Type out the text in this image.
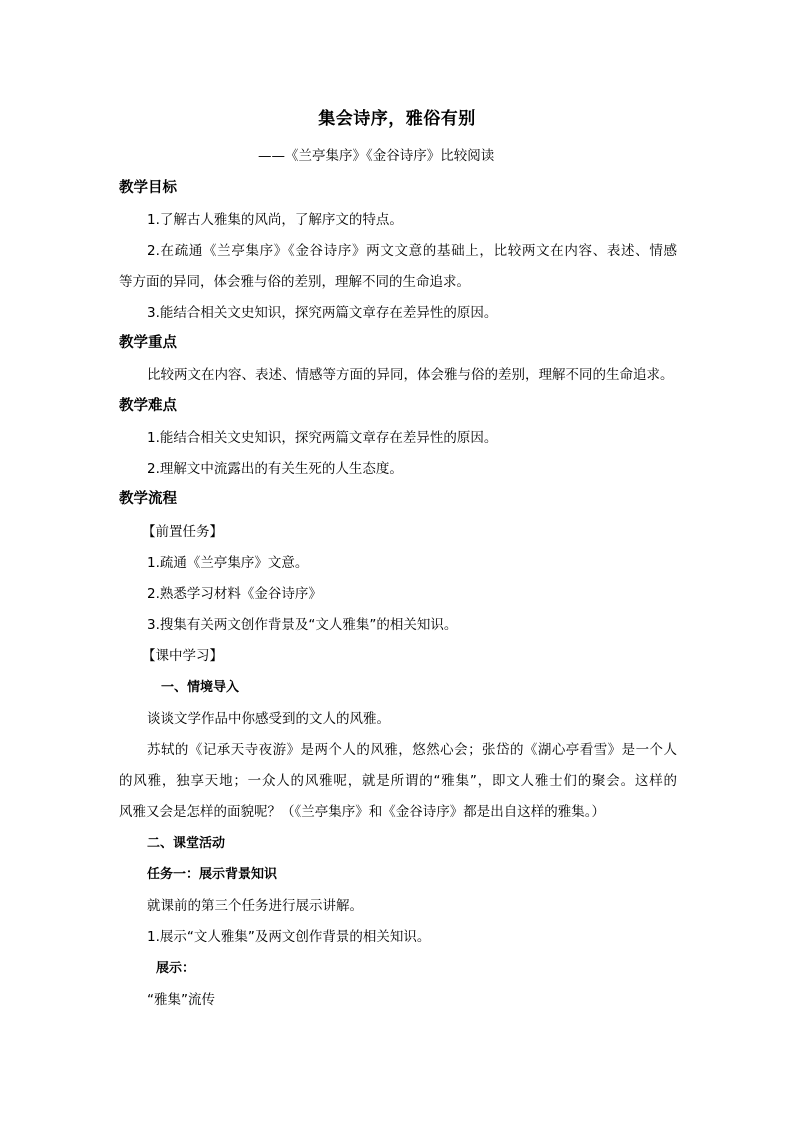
集会诗序，雅俗有别
——《兰亭集序》《金谷诗序》比较阅读
教学目标
1.了解古人雅集的风尚，了解序文的特点。
2.在疏通《兰亭集序》《金谷诗序》两文文意的基础上，比较两文在内容、表述、情感
等方面的异同，体会雅与俗的差别，理解不同的生命追求。
3.能结合相关文史知识，探究两篇文章存在差异性的原因。
教学重点
比较两文在内容、表述、情感等方面的异同，体会雅与俗的差别，理解不同的生命追求。
教学难点
1.能结合相关文史知识，探究两篇文章存在差异性的原因。
2.理解文中流露出的有关生死的人生态度。
教学流程
【前置任务】
1.疏通《兰亭集序》文意。
2.熟悉学习材料《金谷诗序》
3.搜集有关两文创作背景及“文人雅集”的相关知识。
【课中学习】
一、情境导入
谈谈文学作品中你感受到的文人的风雅。
苏轼的《记承天寺夜游》是两个人的风雅，悠然心会；张岱的《湖心亭看雪》是一个人
的风雅，独享天地；一众人的风雅呢，就是所谓的“雅集”，即文人雅士们的聚会。这样的
风雅又会是怎样的面貌呢？（《兰亭集序》和《金谷诗序》都是出自这样的雅集。）
二、课堂活动
任务一：展示背景知识
就课前的第三个任务进行展示讲解。
1.展示“文人雅集”及两文创作背景的相关知识。
展示：
“雅集”流传
